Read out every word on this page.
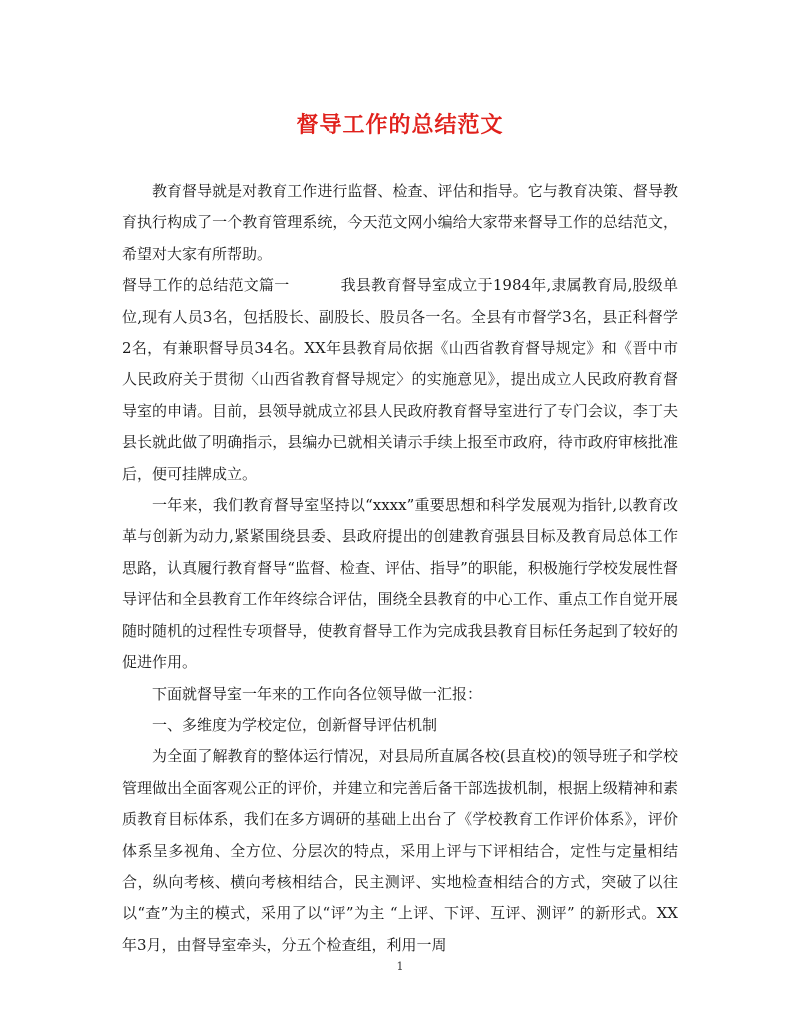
督导工作的总结范文

教育督导就是对教育工作进行监督、检查、评估和指导。它与教育决策、督导教育执行构成了一个教育管理系统，今天范文网小编给大家带来督导工作的总结范文，希望对大家有所帮助。

督导工作的总结范文篇一	我县教育督导室成立于1984年,隶属教育局,股级单位,现有人员3名，包括股长、副股长、股员各一名。全县有市督学3名，县正科督学2名，有兼职督导员34名。XX年县教育局依据《山西省教育督导规定》和《晋中市人民政府关于贯彻〈山西省教育督导规定〉的实施意见》，提出成立人民政府教育督导室的申请。目前，县领导就成立祁县人民政府教育督导室进行了专门会议，李丁夫县长就此做了明确指示，县编办已就相关请示手续上报至市政府，待市政府审核批准后，便可挂牌成立。

一年来，我们教育督导室坚持以“xxxx”重要思想和科学发展观为指针,以教育改革与创新为动力,紧紧围绕县委、县政府提出的创建教育强县目标及教育局总体工作思路，认真履行教育督导“监督、检查、评估、指导”的职能，积极施行学校发展性督导评估和全县教育工作年终综合评估，围绕全县教育的中心工作、重点工作自觉开展随时随机的过程性专项督导，使教育督导工作为完成我县教育目标任务起到了较好的促进作用。

下面就督导室一年来的工作向各位领导做一汇报：

一、多维度为学校定位，创新督导评估机制

为全面了解教育的整体运行情况，对县局所直属各校(县直校)的领导班子和学校管理做出全面客观公正的评价，并建立和完善后备干部选拔机制，根据上级精神和素质教育目标体系，我们在多方调研的基础上出台了《学校教育工作评价体系》，评价体系呈多视角、全方位、分层次的特点，采用上评与下评相结合，定性与定量相结合，纵向考核、横向考核相结合，民主测评、实地检查相结合的方式，突破了以往以“查”为主的模式，采用了以“评”为主 “上评、下评、互评、测评” 的新形式。XX年3月，由督导室牵头，分五个检查组，利用一周

1
